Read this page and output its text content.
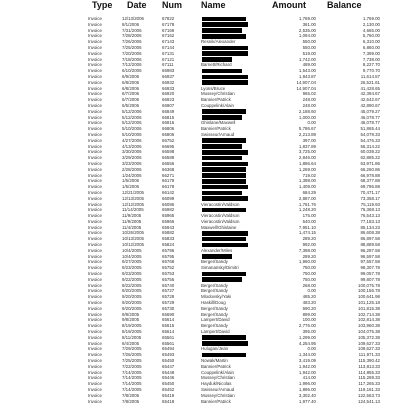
Type Date Num Name	Amount Balance
Invoice	12/13/2006	67822	1,769.00	1,769.00
Invoice	8/1/2006	67178	361.00	2,130.00
Invoice	7/31/2006	67169	2,535.00	4,665.00
Invoice	7/28/2006	67162	1,094.00	5,760.00
Invoice	7/26/2006	67143	Resnik/Alexander	550.00	6,310.00
Invoice	7/25/2006	67144	550.00	6,860.00
Invoice	7/20/2006	67131	519.00	7,399.00
Invoice	7/18/2006	67121	1,742.00	7,738.00
Invoice	7/12/2006	67111	Barnett/Richard	489.00	8,227.70
Invoice	6/10/2006	66983	1,543.00	9,770.70
Invoice	6/9/2006	66937	1,843.87	11,614.57
Invoice	6/8/2006	66932	14,907.04	26,521.61
Invoice	6/8/2006	66933	Lyons/Bruce	14,907.04	41,428.65
Invoice	6/7/2006	66920	Mussey/Christian	965.02	42,394.67
Invoice	6/7/2006	66923	Bannier/Patrick	248.00	42,642.67
Invoice	6/5/2006	66907	Couppelink/Alain	248.00	42,890.67
Invoice	5/12/2006	66849	2,188.60	45,079.27
Invoice	5/12/2006	66815	1,000.00	46,078.77
Invoice	5/12/2006	66816	Ghislane/Maxwell	0.00	46,078.77
Invoice	5/10/2006	66806	Bannier/Patrick	5,786.67	51,865.44
Invoice	5/10/2006	66806	Swisseur/Arnaud	2,213.89	54,079.33
Invoice	4/27/2006	66752	397.00	54,476.33
Invoice	4/13/2006	66695	1,837.89	56,314.22
Invoice	3/30/2006	66598	3,725.00	60,039.22
Invoice	3/29/2006	66589	2,846.00	62,885.22
Invoice	3/23/2006	66556	1,886.64	63,971.86
Invoice	2/28/2006	66368	1,269.00	66,260.86
Invoice	1/24/2006	66271	719.02	66,978.88
Invoice	1/5/2006	66179	1,398.00	68,377.88
Invoice	1/5/2006	66178	1,409.00	69,786.88
Invoice	12/21/2005	66142	684.29	70,471.17
Invoice	12/13/2005	66099	2,887.00	73,358.17
Invoice	12/12/2005	66086	Vieracostin/Valdson	1,761.76	75,119.93
Invoice	11/14/2005	65982	1,248.20	76,368.13
Invoice	11/9/2005	65965	Vieracostin/Valdson	175.00	76,543.13
Invoice	11/9/2005	65966	Vieracostin/Valdson	640.00	77,183.13
Invoice	11/4/2005	65943	Maxwell/Ghislaine	7,951.10	85,134.23
Invoice	10/26/2005	65882	1,474.15	86,608.38
Invoice	10/13/2005	65833	289.20	86,897.58
Invoice	10/12/2005	65824	992.00	88,889.58
Invoice	10/4/2005	65796	Alexander/Miles	7,398.00	96,287.58
Invoice	10/4/2005	65795	289.20	96,597.58
Invoice	9/27/2005	65768	Berger/Sandy	1,960.00	97,557.58
Invoice	9/23/2005	65752	Simanansky/Dimitri	750.00	98,307.78
Invoice	9/23/2005	65753	750.00	99,057.78
Invoice	9/22/2005	65756	750.00	99,807.78
Invoice	9/22/2005	65740	Berger/Sandy	268.00	100,075.78
Invoice	9/20/2005	65727	Berger/Sandy	0.00	100,156.78
Invoice	9/20/2005	65728	Mlodovsky/Yaki	485.20	100,641.98
Invoice	9/20/2005	65729	Haskill/Doug	483.20	101,125.18
Invoice	9/20/2005	65730	Berger/Sandy	690.20	101,815.38
Invoice	9/8/2005	65690	Berger/Sandy	899.00	102,714.38
Invoice	9/8/2005	65614	Lampert/David	100.00	102,814.38
Invoice	8/19/2005	65615	Berger/Sandy	2,776.00	103,960.38
Invoice	8/19/2005	65614	Lampert/David	395.00	104,075.38
Invoice	8/11/2005	65561	1,299.00	105,372.38
Invoice	8/4/2005	65561	4,254.95	109,627.33
Invoice	7/29/2005	65494	Hulugan/Jean	0.00	109,627.33
Invoice	7/26/2005	65493	1,344.00	111,971.33
Invoice	7/25/2005	65450	Nowak/Martin	3,419.09	115,390.42
Invoice	7/22/2005	65447	Bannier/Patrick	1,942.00	113,813.33
Invoice	7/14/2005	65448	Couppelink/Alain	1,942.00	114,855.33
Invoice	7/14/2005	65446	Mussey/Christian	414.00	115,269.33
Invoice	7/14/2005	65450	Hayduk/Nicolas	1,996.00	117,265.33
Invoice	7/14/2005	65452	Swisseur/Arnaud	1,896.00	119,161.33
Invoice	7/8/2005	65419	Mussey/Christian	3,302.40	122,563.73
Invoice	7/8/2005	65418	Bannier/Patrick	1,977.40	124,541.13
